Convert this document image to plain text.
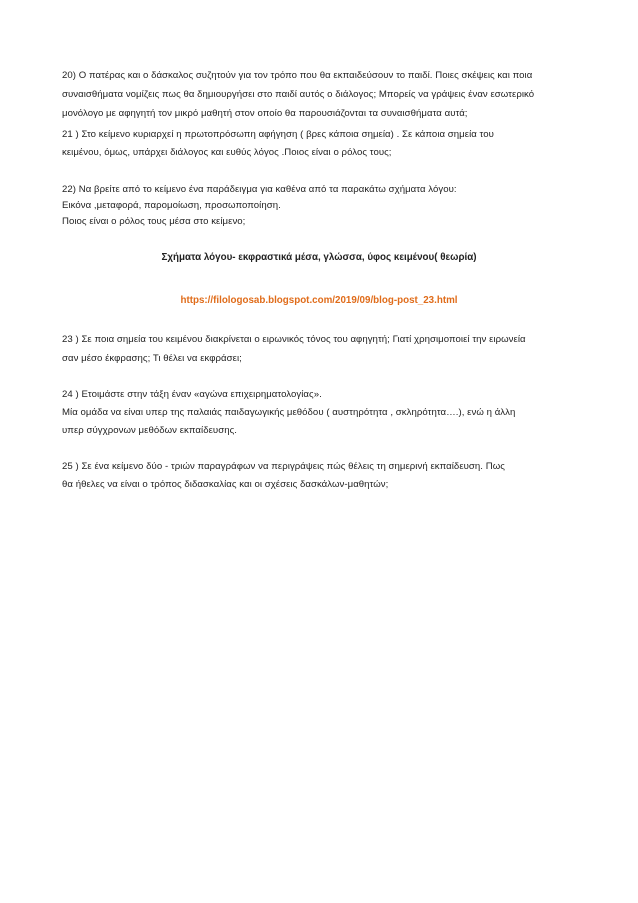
20) Ο πατέρας και ο δάσκαλος συζητούν για τον τρόπο που θα εκπαιδεύσουν το παιδί. Ποιες σκέψεις και ποια
συναισθήματα νομίζεις πως θα δημιουργήσει στο παιδί αυτός ο διάλογος; Μπορείς να γράψεις έναν εσωτερικό
μονόλογο με αφηγητή τον μικρό μαθητή στον οποίο θα παρουσιάζονται τα συναισθήματα αυτά;
21 ) Στο κείμενο κυριαρχεί η πρωτοπρόσωπη αφήγηση ( βρες κάποια σημεία) . Σε κάποια σημεία του
κειμένου, όμως, υπάρχει διάλογος και ευθύς λόγος .Ποιος είναι ο ρόλος τους;
22) Να βρείτε από το κείμενο ένα παράδειγμα για καθένα από τα παρακάτω σχήματα λόγου:
Εικόνα ,μεταφορά, παρομοίωση, προσωποποίηση.
Ποιος είναι ο ρόλος τους μέσα στο κείμενο;
Σχήματα λόγου- εκφραστικά μέσα, γλώσσα, ύφος κειμένου( θεωρία)
https://filologosab.blogspot.com/2019/09/blog-post_23.html
23 ) Σε ποια σημεία του κειμένου διακρίνεται ο ειρωνικός τόνος του αφηγητή; Γιατί χρησιμοποιεί την ειρωνεία
σαν μέσο έκφρασης; Τι θέλει να εκφράσει;
24 ) Ετοιμάστε στην τάξη έναν «αγώνα επιχειρηματολογίας».
Μία ομάδα να είναι υπερ της παλαιάς παιδαγωγικής μεθόδου ( αυστηρότητα , σκληρότητα….), ενώ η άλλη
υπερ σύγχρονων μεθόδων εκπαίδευσης.
25 ) Σε ένα κείμενο δύο - τριών παραγράφων να περιγράψεις πώς θέλεις τη σημερινή εκπαίδευση. Πως
θα ήθελες να είναι ο τρόπος διδασκαλίας και οι σχέσεις δασκάλων-μαθητών;
